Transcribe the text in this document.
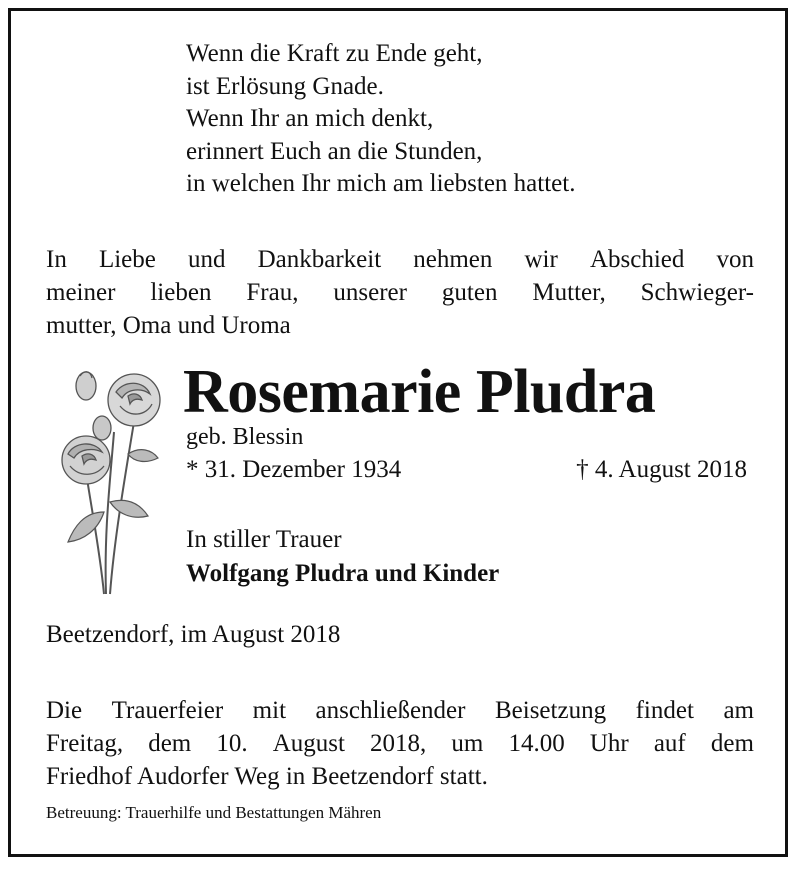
Wenn die Kraft zu Ende geht,
ist Erlösung Gnade.
Wenn Ihr an mich denkt,
erinnert Euch an die Stunden,
in welchen Ihr mich am liebsten hattet.
In Liebe und Dankbarkeit nehmen wir Abschied von
meiner lieben Frau, unserer guten Mutter, Schwieger-
mutter, Oma und Uroma
Rosemarie Pludra
geb. Blessin
* 31. Dezember 1934	† 4. August 2018
In stiller Trauer
Wolfgang Pludra und Kinder
Beetzendorf, im August 2018
Die Trauerfeier mit anschließender Beisetzung findet am
Freitag, dem 10. August 2018, um 14.00 Uhr auf dem
Friedhof Audorfer Weg in Beetzendorf statt.
Betreuung: Trauerhilfe und Bestattungen Mähren
